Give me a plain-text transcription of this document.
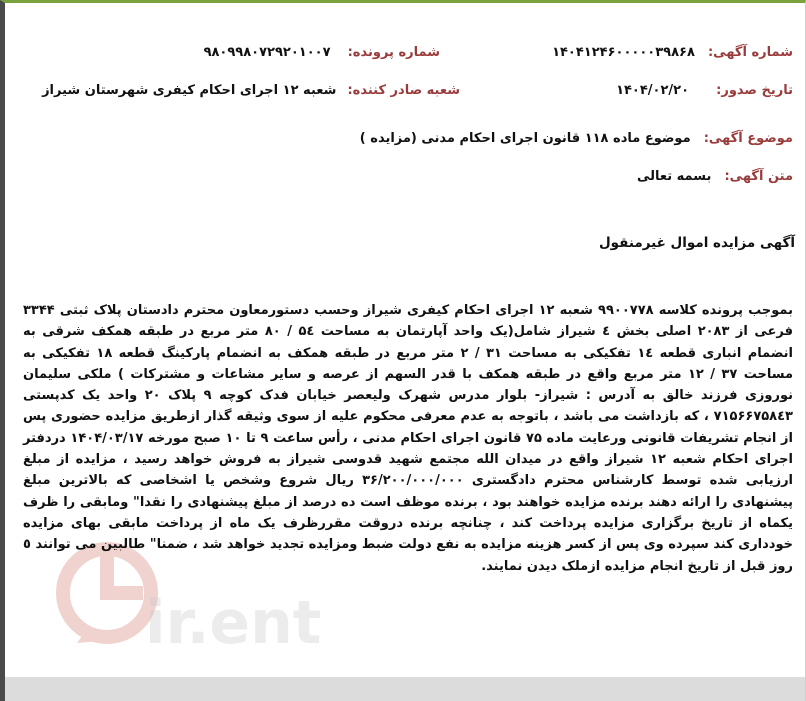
شماره آگهی: ۱۴۰۴۱۲۴۶۰۰۰۰۰۳۹۸۶۸
شماره پرونده: ۹۸۰۹۹۸۰۷۲۹۲۰۱۰۰۷
تاریخ صدور: ۱۴۰۴/۰۲/۲۰
شعبه صادر کننده: شعبه ۱۲ اجرای احکام کیفری شهرستان شیراز
موضوع آگهی: موضوع ماده ۱۱۸ قانون اجرای احکام مدنی (مزایده )
متن آگهی: بسمه تعالی
آگهی مزایده اموال غیرمنقول
ir.ent
بموجب پرونده کلاسه ۹۹۰۰۷۷۸ شعبه ۱۲ اجرای احکام کیفری شیراز وحسب دستورمعاون محترم دادستان پلاک ثبتی ۳۳۴۴ فرعی از ۲۰۸۳ اصلی بخش ٤ شیراز شامل(یک واحد آپارتمان به مساحت ۵٤ / ۸۰ متر مربع در طبقه همکف شرقی به انضمام انباری قطعه ۱٤ تفکیکی به مساحت ۳۱ / ۲ متر مربع در طبقه همکف به انضمام پارکینگ قطعه ۱۸ تفکیکی به مساحت ۳۷ / ۱۲ متر مربع واقع در طبقه همکف با قدر السهم از عرصه و سایر مشاعات و مشترکات ) ملکی سلیمان نوروزی فرزند خالق به آدرس : شیراز- بلوار مدرس شهرک ولیعصر خیابان فدک کوچه ۹ پلاک ۲۰ واحد یک کدپستی ۷۱۵۶۶۷۵۸٤۳ ، که بازداشت می باشد ، باتوجه به عدم معرفی محکوم علیه از سوی وثیقه گذار ازطریق مزایده حضوری پس از انجام تشریفات قانونی ورعایت ماده ۷۵ قانون اجرای احکام مدنی ، رأس ساعت ۹ تا ۱۰ صبح مورخه ۱۴۰۴/۰۳/۱۷ دردفتر اجرای احکام شعبه ۱۲ شیراز واقع در میدان الله مجتمع شهید قدوسی شیراز به فروش خواهد رسید ، مزایده از مبلغ ارزیابی شده توسط کارشناس محترم دادگستری ۳۶/۲۰۰/۰۰۰/۰۰۰ ریال شروع وشخص یا اشخاصی که بالاترین مبلغ پیشنهادی را ارائه دهند برنده مزایده خواهند بود ، برنده موظف است ده درصد از مبلغ پیشنهادی را نقدا" ومابقی را ظرف یکماه از تاریخ برگزاری مزایده پرداخت کند ، چنانچه برنده دروقت مقررظرف یک ماه از پرداخت مابقی بهای مزایده خودداری کند سپرده وی پس از کسر هزینه مزایده به نفع دولت ضبط ومزایده تجدید خواهد شد ، ضمنا" طالبین می توانند ٥ روز قبل از تاریخ انجام مزایده ازملک دیدن نمایند.
